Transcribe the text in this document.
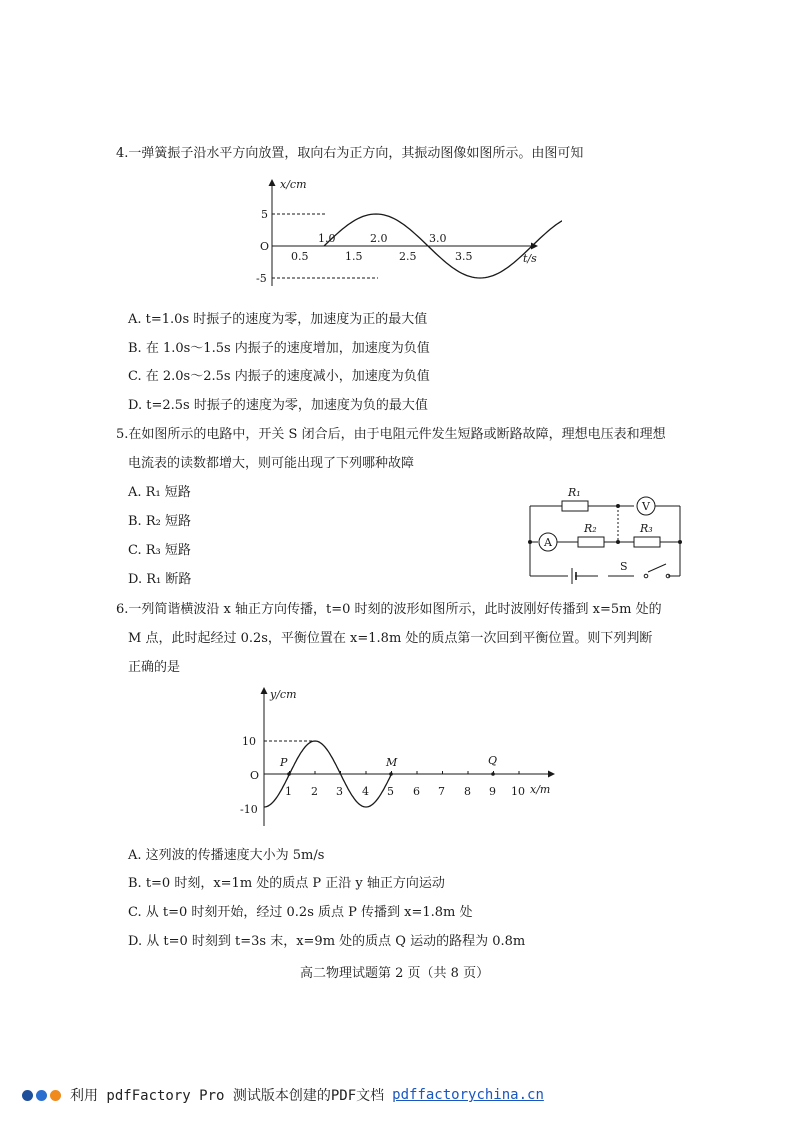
4.一弹簧振子沿水平方向放置，取向右为正方向，其振动图像如图所示。由图可知
x/cm
O
5
-5
0.5	1.5	2.5	3.5
1.0	2.0	3.0
t/s
A. t=1.0s 时振子的速度为零，加速度为正的最大值
B. 在 1.0s～1.5s 内振子的速度增加，加速度为负值
C. 在 2.0s～2.5s 内振子的速度减小，加速度为负值
D. t=2.5s 时振子的速度为零，加速度为负的最大值
5.在如图所示的电路中，开关 S 闭合后，由于电阻元件发生短路或断路故障，理想电压表和理想
电流表的读数都增大，则可能出现了下列哪种故障
A. R₁ 短路
B. R₂ 短路
C. R₃ 短路
D. R₁ 断路
R₁
V
A
R₂	R₃
S
6.一列简谐横波沿 x 轴正方向传播，t=0 时刻的波形如图所示，此时波刚好传播到 x=5m 处的
M 点，此时起经过 0.2s，平衡位置在 x=1.8m 处的质点第一次回到平衡位置。则下列判断
正确的是
y/cm
O
10
-10
P	M	Q
1 2 3 4 5 6 7 8 9 10 x/m
A. 这列波的传播速度大小为 5m/s
B. t=0 时刻，x=1m 处的质点 P 正沿 y 轴正方向运动
C. 从 t=0 时刻开始，经过 0.2s 质点 P 传播到 x=1.8m 处
D. 从 t=0 时刻到 t=3s 末，x=9m 处的质点 Q 运动的路程为 0.8m
高二物理试题第 2 页（共 8 页）
利用 pdfFactory Pro 测试版本创建的PDF文档 pdffactorychina.cn
